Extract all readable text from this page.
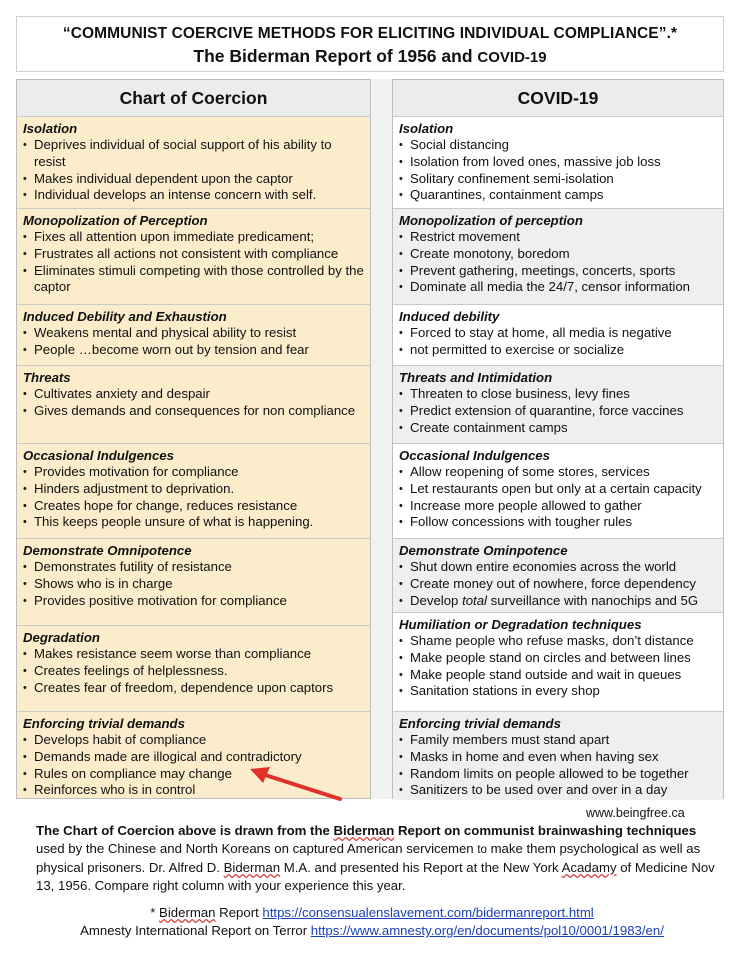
“COMMUNIST COERCIVE METHODS FOR ELICITING INDIVIDUAL COMPLIANCE”.*
The Biderman Report of 1956 and COVID-19
Chart of Coercion
Isolation
• Deprives individual of social support of his ability to resist
• Makes individual dependent upon the captor
• Individual develops an intense concern with self.
Monopolization of Perception
• Fixes all attention upon immediate predicament;
• Frustrates all actions not consistent with compliance
• Eliminates stimuli competing with those controlled by the captor
Induced Debility and Exhaustion
• Weakens mental and physical ability to resist
• People …become worn out by tension and fear
Threats
• Cultivates anxiety and despair
• Gives demands and consequences for non compliance
Occasional Indulgences
• Provides motivation for compliance
• Hinders adjustment to deprivation.
• Creates hope for change, reduces resistance
• This keeps people unsure of what is happening.
Demonstrate Omnipotence
• Demonstrates futility of resistance
• Shows who is in charge
• Provides positive motivation for compliance
Degradation
• Makes resistance seem worse than compliance
• Creates feelings of helplessness.
• Creates fear of freedom, dependence upon captors
Enforcing trivial demands
• Develops habit of compliance
• Demands made are illogical and contradictory
• Rules on compliance may change
• Reinforces who is in control
COVID-19
Isolation
• Social distancing
• Isolation from loved ones, massive job loss
• Solitary confinement semi-isolation
• Quarantines, containment camps
Monopolization of perception
• Restrict movement
• Create monotony, boredom
• Prevent gathering, meetings, concerts, sports
• Dominate all media the 24/7, censor information
Induced debility
• Forced to stay at home, all media is negative
• not permitted to exercise or socialize
Threats and Intimidation
• Threaten to close business, levy fines
• Predict extension of quarantine, force vaccines
• Create containment camps
Occasional Indulgences
• Allow reopening of some stores, services
• Let restaurants open but only at a certain capacity
• Increase more people allowed to gather
• Follow concessions with tougher rules
Demonstrate Ominpotence
• Shut down entire economies across the world
• Create money out of nowhere, force dependency
• Develop total surveillance with nanochips and 5G
Humiliation or Degradation techniques
• Shame people who refuse masks, don’t distance
• Make people stand on circles and between lines
• Make people stand outside and wait in queues
• Sanitation stations in every shop
Enforcing trivial demands
• Family members must stand apart
• Masks in home and even when having sex
• Random limits on people allowed to be together
• Sanitizers to be used over and over in a day
www.beingfree.ca
The Chart of Coercion above is drawn from the Biderman Report on communist brainwashing techniques used by the Chinese and North Koreans on captured American servicemen to make them psychological as well as physical prisoners. Dr. Alfred D. Biderman M.A. and presented his Report at the New York Acadamy of Medicine Nov 13, 1956. Compare right column with your experience this year.
* Biderman Report https://consensualenslavement.com/bidermanreport.html
Amnesty International Report on Terror https://www.amnesty.org/en/documents/pol10/0001/1983/en/
